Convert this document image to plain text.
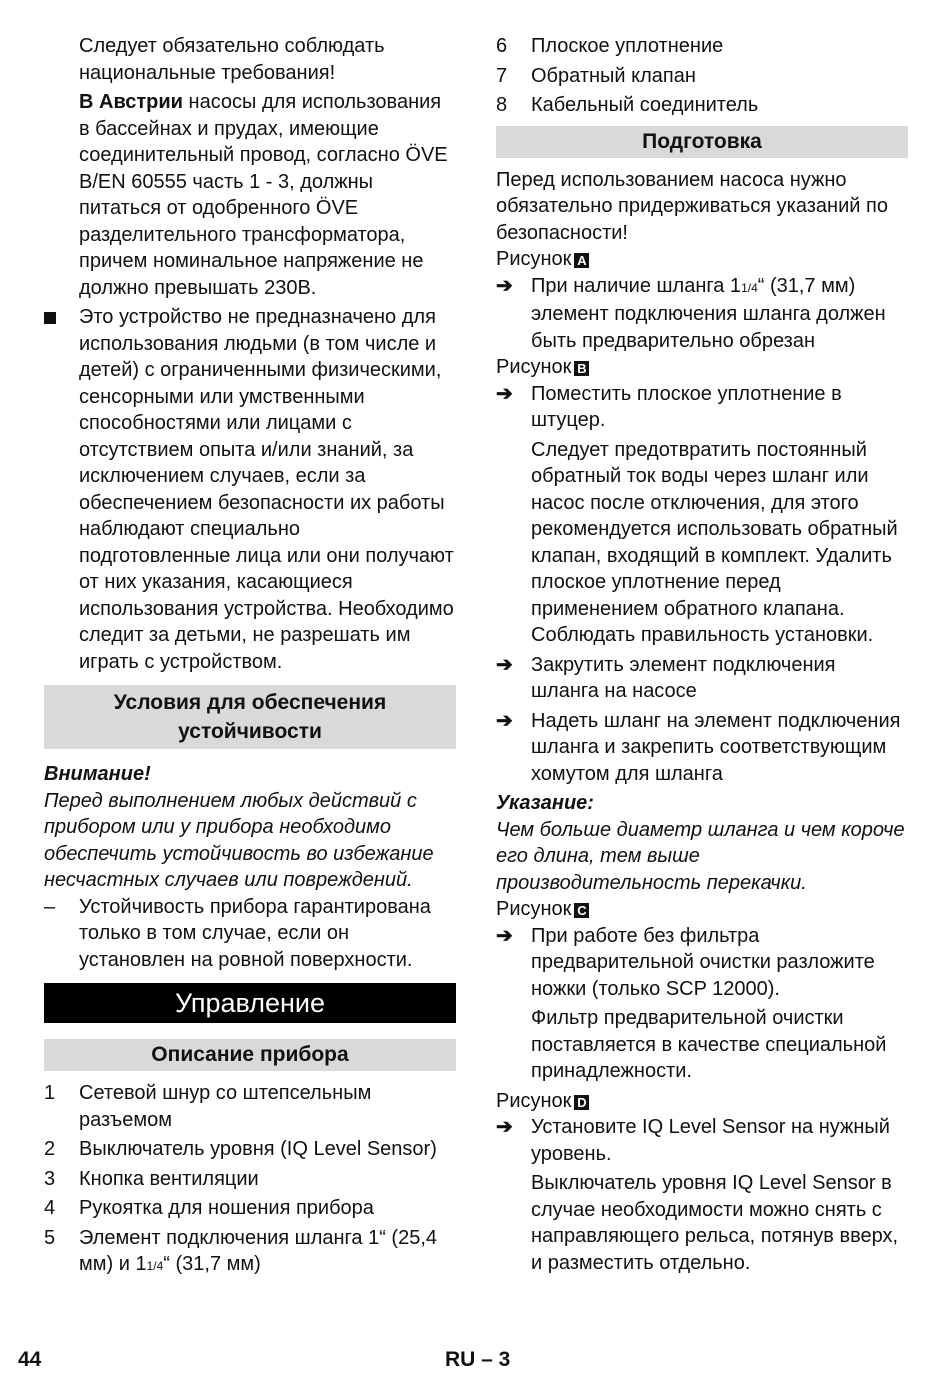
Следует обязательно соблюдать национальные требования!

В Австрии насосы для использования в бассейнах и прудах, имеющие соединительный провод, согласно ÖVE B/EN 60555 часть 1 - 3, должны питаться от одобренного ÖVE разделительного трансформатора, причем номинальное напряжение не должно превышать 230В.

Это устройство не предназначено для использования людьми (в том числе и детей) с ограниченными физическими, сенсорными или умственными способностями или лицами с отсутствием опыта и/или знаний, за исключением случаев, если за обеспечением безопасности их работы наблюдают специально подготовленные лица или они получают от них указания, касающиеся использования устройства. Необходимо следит за детьми, не разрешать им играть с устройством.
Условия для обеспечения устойчивости

Внимание!

Перед выполнением любых действий с прибором или у прибора необходимо обеспечить устойчивость во избежание несчастных случаев или повреждений.

–	Устойчивость прибора гарантирована только в том случае, если он установлен на ровной поверхности.
Управление
Описание прибора
1	Сетевой шнур со штепсельным разъемом
2	Выключатель уровня (IQ Level Sensor)
3	Кнопка вентиляции
4	Рукоятка для ношения прибора
5	Элемент подключения шланга 1“ (25,4 мм) и 11/4“ (31,7 мм)
6	Плоское уплотнение
7	Обратный клапан
8	Кабельный соединитель
Подготовка

Перед использованием насоса нужно обязательно придерживаться указаний по безопасности!

Рисунок A

➔ При наличие шланга 11/4“ (31,7 мм) элемент подключения шланга должен быть предварительно обрезан

Рисунок B

➔ Поместить плоское уплотнение в штуцер.

Следует предотвратить постоянный обратный ток воды через шланг или насос после отключения, для этого рекомендуется использовать обратный клапан, входящий в комплект. Удалить плоское уплотнение перед применением обратного клапана. Соблюдать правильность установки.

➔ Закрутить элемент подключения шланга на насосе
➔ Надеть шланг на элемент подключения шланга и закрепить соответствующим хомутом для шланга

Указание:

Чем больше диаметр шланга и чем короче его длина, тем выше производительность перекачки.

Рисунок C

➔ При работе без фильтра предварительной очистки разложите ножки (только SCP 12000).

Фильтр предварительной очистки поставляется в качестве специальной принадлежности.

Рисунок D

➔ Установите IQ Level Sensor на нужный уровень.

Выключатель уровня IQ Level Sensor в случае необходимости можно снять с направляющего рельса, потянув вверх, и разместить отдельно.

44	RU – 3
